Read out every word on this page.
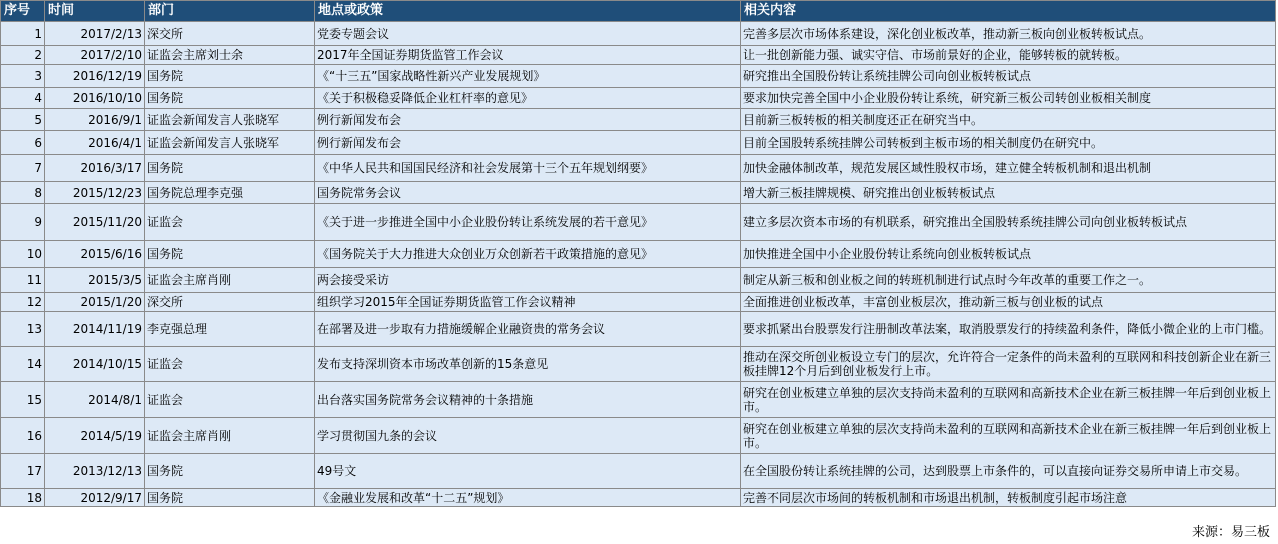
序号	时间	部门	地点或政策	相关内容
1	2017/2/13	深交所	党委专题会议	完善多层次市场体系建设，深化创业板改革，推动新三板向创业板转板试点。
2	2017/2/10	证监会主席刘士余	2017年全国证券期货监管工作会议	让一批创新能力强、诚实守信、市场前景好的企业，能够转板的就转板。
3	2016/12/19	国务院	《“十三五”国家战略性新兴产业发展规划》	研究推出全国股份转让系统挂牌公司向创业板转板试点
4	2016/10/10	国务院	《关于积极稳妥降低企业杠杆率的意见》	要求加快完善全国中小企业股份转让系统，研究新三板公司转创业板相关制度
5	2016/9/1	证监会新闻发言人张晓军	例行新闻发布会	目前新三板转板的相关制度还正在研究当中。
6	2016/4/1	证监会新闻发言人张晓军	例行新闻发布会	目前全国股转系统挂牌公司转板到主板市场的相关制度仍在研究中。
7	2016/3/17	国务院	《中华人民共和国国民经济和社会发展第十三个五年规划纲要》	加快金融体制改革，规范发展区域性股权市场，建立健全转板机制和退出机制
8	2015/12/23	国务院总理李克强	国务院常务会议	增大新三板挂牌规模、研究推出创业板转板试点
9	2015/11/20	证监会	《关于进一步推进全国中小企业股份转让系统发展的若干意见》	建立多层次资本市场的有机联系，研究推出全国股转系统挂牌公司向创业板转板试点
10	2015/6/16	国务院	《国务院关于大力推进大众创业万众创新若干政策措施的意见》	加快推进全国中小企业股份转让系统向创业板转板试点
11	2015/3/5	证监会主席肖刚	两会接受采访	制定从新三板和创业板之间的转班机制进行试点时今年改革的重要工作之一。
12	2015/1/20	深交所	组织学习2015年全国证券期货监管工作会议精神	全面推进创业板改革，丰富创业板层次，推动新三板与创业板的试点
13	2014/11/19	李克强总理	在部署及进一步取有力措施缓解企业融资贵的常务会议	要求抓紧出台股票发行注册制改革法案，取消股票发行的持续盈利条件，降低小微企业的上市门槛。
14	2014/10/15	证监会	发布支持深圳资本市场改革创新的15条意见	推动在深交所创业板设立专门的层次，允许符合一定条件的尚未盈利的互联网和科技创新企业在新三板挂牌12个月后到创业板发行上市。
15	2014/8/1	证监会	出台落实国务院常务会议精神的十条措施	研究在创业板建立单独的层次支持尚未盈利的互联网和高新技术企业在新三板挂牌一年后到创业板上市。
16	2014/5/19	证监会主席肖刚	学习贯彻国九条的会议	研究在创业板建立单独的层次支持尚未盈利的互联网和高新技术企业在新三板挂牌一年后到创业板上市。
17	2013/12/13	国务院	49号文	在全国股份转让系统挂牌的公司，达到股票上市条件的，可以直接向证券交易所申请上市交易。
18	2012/9/17	国务院	《金融业发展和改革“十二五”规划》	完善不同层次市场间的转板机制和市场退出机制，转板制度引起市场注意
来源：易三板
